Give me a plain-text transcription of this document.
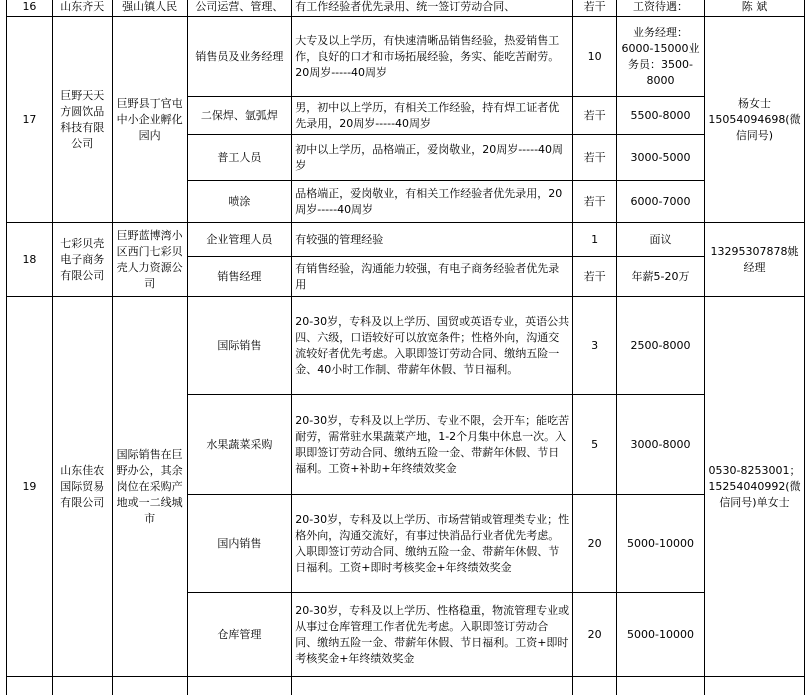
16	山东齐天	强山镇人民	公司运营、管理、	有工作经验者优先录用、统一签订劳动合同、	若干	工资待遇：	陈 斌
17	巨野天天方圆饮品科技有限公司	巨野县丁官屯中小企业孵化园内	销售员及业务经理	大专及以上学历，有快速清晰品销售经验，热爱销售工作，良好的口才和市场拓展经验，务实、能吃苦耐劳。 20周岁-----40周岁	10	业务经理：6000-15000业务员：3500-8000	杨女士15054094698(微信同号)
			二保焊、氩弧焊	男，初中以上学历，有相关工作经验，持有焊工证者优先录用，20周岁-----40周岁	若干	5500-8000	
			普工人员	初中以上学历，品格端正，爱岗敬业，20周岁-----40周岁	若干	3000-5000	
			喷涂	品格端正，爱岗敬业，有相关工作经验者优先录用，20周岁-----40周岁	若干	6000-7000	
18	七彩贝壳电子商务有限公司	巨野蓝博湾小区西门七彩贝壳人力资源公司	企业管理人员	有较强的管理经验	1	面议	13295307878姚经理
			销售经理	有销售经验，沟通能力较强，有电子商务经验者优先录用	若干	年薪5-20万	
19	山东佳农国际贸易有限公司	国际销售在巨野办公，其余岗位在采购产地或一二线城市	国际销售	20-30岁，专科及以上学历、国贸或英语专业，英语公共四、六级，口语较好可以放宽条件；性格外向，沟通交流较好者优先考虑。入职即签订劳动合同、缴纳五险一金、40小时工作制、带薪年休假、节日福利。	3	2500-8000	0530-8253001；15254040992(微信同号)单女士
			水果蔬菜采购	20-30岁，专科及以上学历、专业不限，会开车；能吃苦耐劳，需常驻水果蔬菜产地，1-2个月集中休息一次。入职即签订劳动合同、缴纳五险一金、带薪年休假、节日福利。工资+补助+年终绩效奖金	5	3000-8000	
			国内销售	20-30岁，专科及以上学历、市场营销或管理类专业；性格外向，沟通交流好，有事过快消品行业者优先考虑。入职即签订劳动合同、缴纳五险一金、带薪年休假、节日福利。工资+即时考核奖金+年终绩效奖金	20	5000-10000	
			仓库管理	20-30岁，专科及以上学历、性格稳重，物流管理专业或从事过仓库管理工作者优先考虑。入职即签订劳动合同、缴纳五险一金、带薪年休假、节日福利。工资+即时考核奖金+年终绩效奖金	20	5000-10000	
